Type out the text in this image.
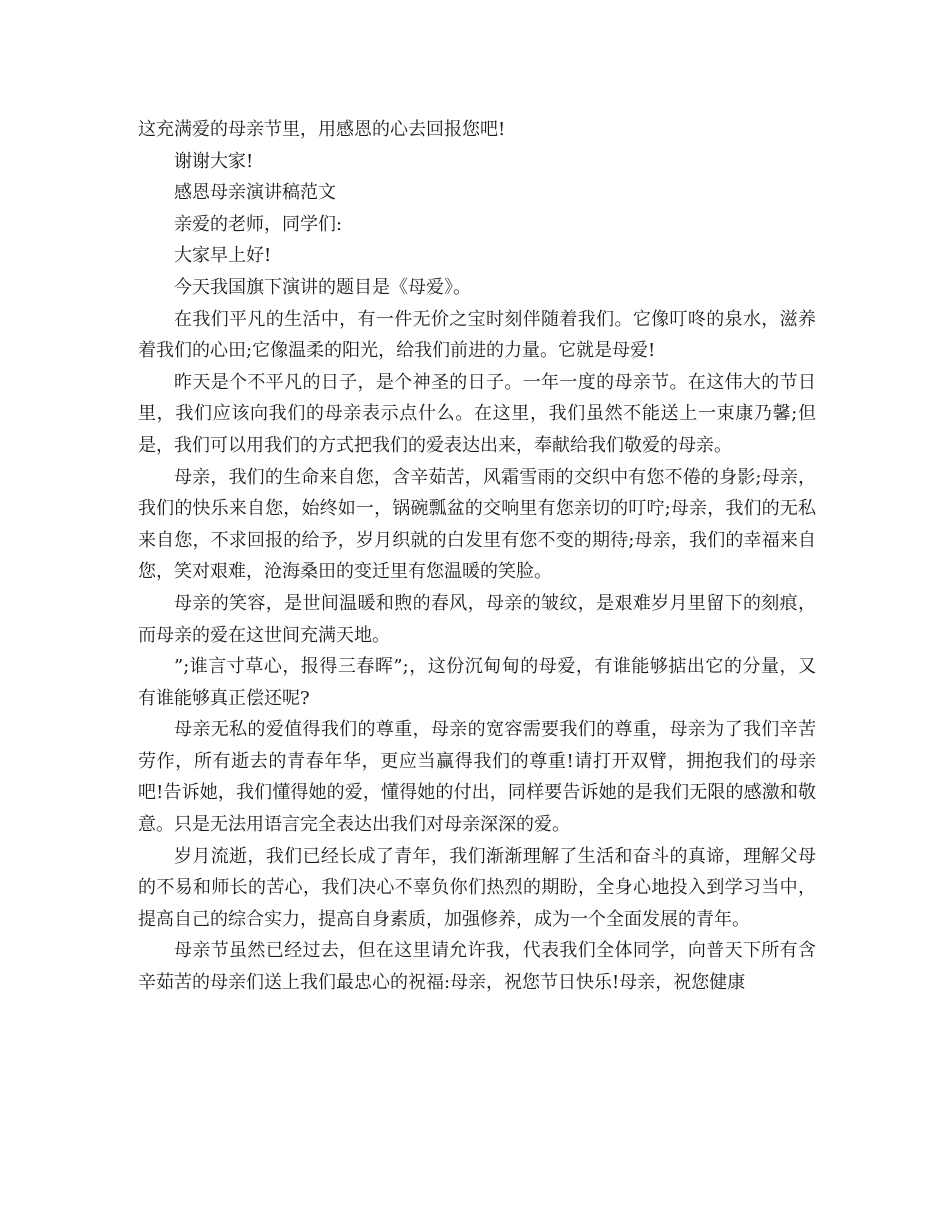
这充满爱的母亲节里，用感恩的心去回报您吧!

谢谢大家!

感恩母亲演讲稿范文

亲爱的老师，同学们:

大家早上好!

今天我国旗下演讲的题目是《母爱》。

在我们平凡的生活中，有一件无价之宝时刻伴随着我们。它像叮咚的泉水，滋养着我们的心田;它像温柔的阳光，给我们前进的力量。它就是母爱!

昨天是个不平凡的日子，是个神圣的日子。一年一度的母亲节。在这伟大的节日里，我们应该向我们的母亲表示点什么。在这里，我们虽然不能送上一束康乃馨;但是，我们可以用我们的方式把我们的爱表达出来，奉献给我们敬爱的母亲。

母亲，我们的生命来自您，含辛茹苦，风霜雪雨的交织中有您不倦的身影;母亲，我们的快乐来自您，始终如一，锅碗瓢盆的交响里有您亲切的叮咛;母亲，我们的无私来自您，不求回报的给予，岁月织就的白发里有您不变的期待;母亲，我们的幸福来自您，笑对艰难，沧海桑田的变迁里有您温暖的笑脸。

母亲的笑容，是世间温暖和煦的春风，母亲的皱纹，是艰难岁月里留下的刻痕，而母亲的爱在这世间充满天地。

”;谁言寸草心，报得三春晖”;，这份沉甸甸的母爱，有谁能够掂出它的分量，又有谁能够真正偿还呢?

母亲无私的爱值得我们的尊重，母亲的宽容需要我们的尊重，母亲为了我们辛苦劳作，所有逝去的青春年华，更应当赢得我们的尊重!请打开双臂，拥抱我们的母亲吧!告诉她，我们懂得她的爱，懂得她的付出，同样要告诉她的是我们无限的感激和敬意。只是无法用语言完全表达出我们对母亲深深的爱。

岁月流逝，我们已经长成了青年，我们渐渐理解了生活和奋斗的真谛，理解父母的不易和师长的苦心，我们决心不辜负你们热烈的期盼，全身心地投入到学习当中，提高自己的综合实力，提高自身素质，加强修养，成为一个全面发展的青年。

母亲节虽然已经过去，但在这里请允许我，代表我们全体同学，向普天下所有含辛茹苦的母亲们送上我们最忠心的祝福:母亲，祝您节日快乐!母亲，祝您健康
